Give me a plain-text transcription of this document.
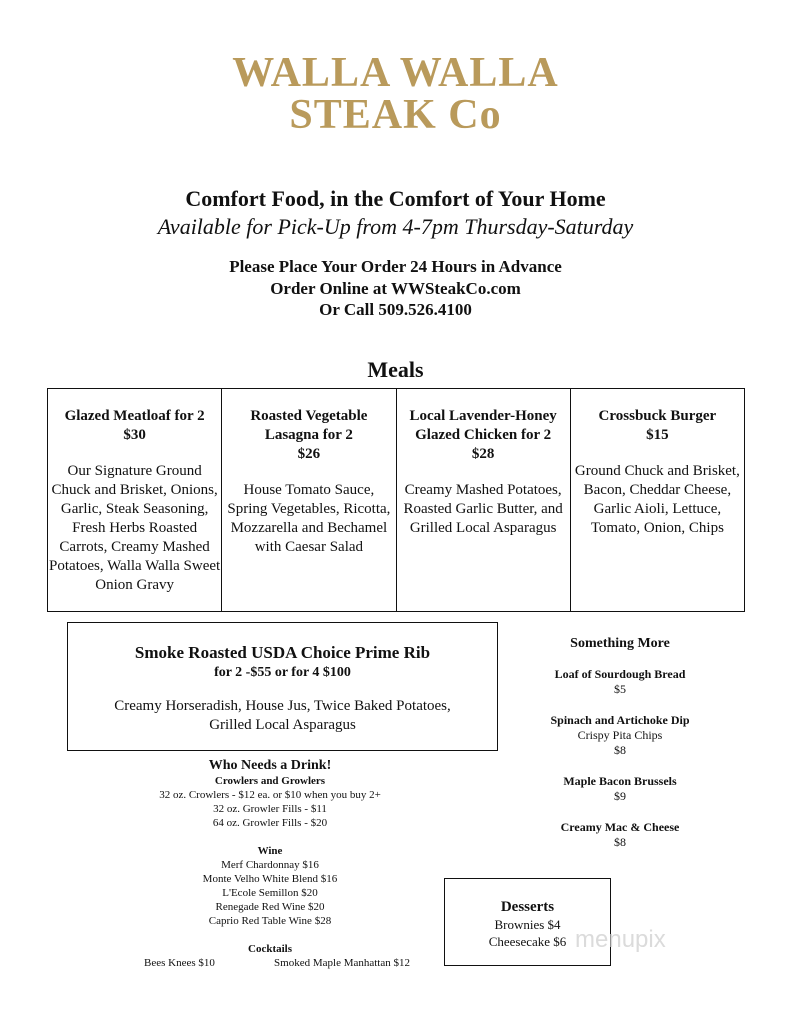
WALLA WALLA
STEAK Co
Comfort Food, in the Comfort of Your Home
Available for Pick-Up from 4-7pm Thursday-Saturday
Please Place Your Order 24 Hours in Advance
Order Online at WWSteakCo.com
Or Call 509.526.4100
Meals
Glazed Meatloaf for 2
$30
Our Signature Ground Chuck and Brisket, Onions, Garlic, Steak Seasoning, Fresh Herbs Roasted Carrots, Creamy Mashed Potatoes, Walla Walla Sweet Onion Gravy
Roasted Vegetable Lasagna for 2
$26
House Tomato Sauce, Spring Vegetables, Ricotta, Mozzarella and Bechamel with Caesar Salad
Local Lavender-Honey Glazed Chicken for 2
$28
Creamy Mashed Potatoes, Roasted Garlic Butter, and Grilled Local Asparagus
Crossbuck Burger
$15
Ground Chuck and Brisket, Bacon, Cheddar Cheese, Garlic Aioli, Lettuce, Tomato, Onion, Chips
Smoke Roasted USDA Choice Prime Rib
for 2 -$55 or for 4 $100
Creamy Horseradish, House Jus, Twice Baked Potatoes, Grilled Local Asparagus
Something More
Loaf of Sourdough Bread
$5
Spinach and Artichoke Dip
Crispy Pita Chips
$8
Maple Bacon Brussels
$9
Creamy Mac & Cheese
$8
Who Needs a Drink!
Crowlers and Growlers
32 oz. Crowlers - $12 ea. or $10 when you buy 2+
32 oz. Growler Fills - $11
64 oz. Growler Fills - $20
Wine
Merf Chardonnay $16
Monte Velho White Blend $16
L'Ecole Semillon $20
Renegade Red Wine $20
Caprio Red Table Wine $28
Cocktails
Bees Knees $10	Smoked Maple Manhattan $12
Desserts
Brownies $4
Cheesecake $6 menupix
